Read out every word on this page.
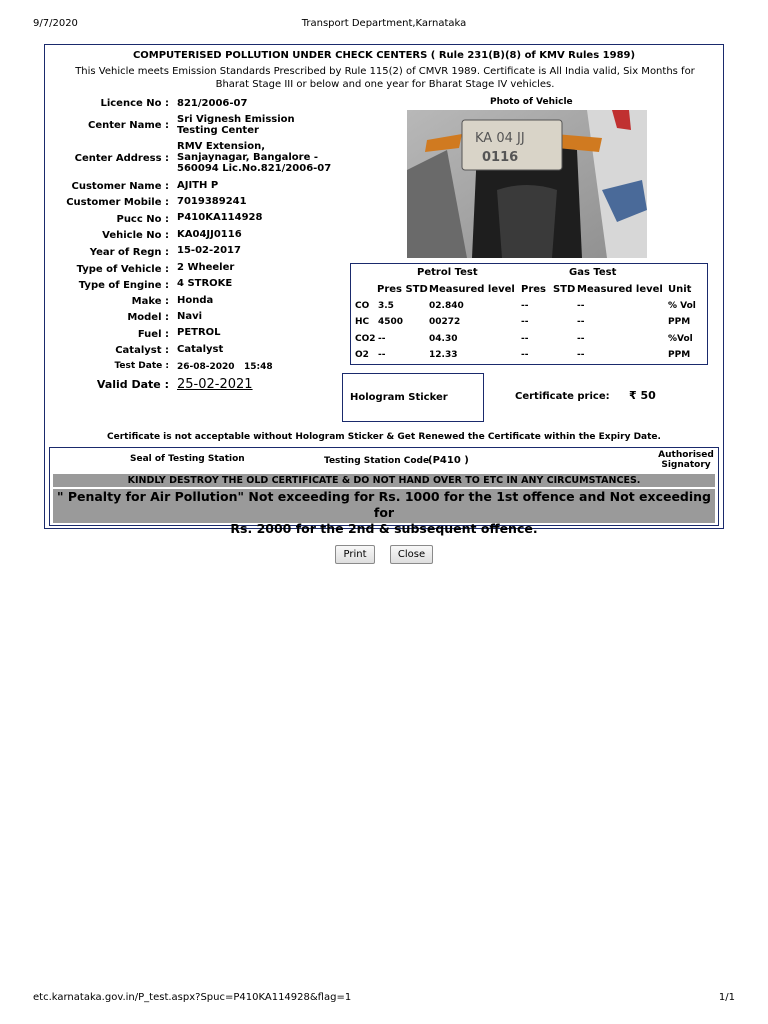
9/7/2020	Transport Department,Karnataka
COMPUTERISED POLLUTION UNDER CHECK CENTERS ( Rule 231(B)(8) of KMV Rules 1989)
This Vehicle meets Emission Standards Prescribed by Rule 115(2) of CMVR 1989. Certificate is All India valid, Six Months for
Bharat Stage III or below and one year for Bharat Stage IV vehicles.
Licence No : 821/2006-07
Center Name :
Sri Vignesh Emission
Testing Center
Center Address :
RMV Extension,
Sanjaynagar, Bangalore -
560094 Lic.No.821/2006-07
Customer Name : AJITH P
Customer Mobile : 7019389241
Pucc No : P410KA114928
Vehicle No : KA04JJ0116
Year of Regn : 15-02-2017
Type of Vehicle : 2 Wheeler
Type of Engine : 4 STROKE
Make : Honda
Model : Navi
Fuel : PETROL
Catalyst : Catalyst
Test Date : 26-08-2020   15:48
Valid Date : 25-02-2021
Photo of Vehicle
KA 04 JJ
0116
Petrol Test	Gas Test
Pres STD Measured level Pres  STD Measured level Unit
CO 3.5	02.840	--	--	% Vol
HC 4500	00272	--	--	PPM
CO2 --	04.30	--	--	%Vol
O2 --	12.33	--	--	PPM
Hologram Sticker	Certificate price: ₹ 50
Certificate is not acceptable without Hologram Sticker & Get Renewed the Certificate within the Expiry Date.
Seal of Testing Station	Testing Station Code
(P410 )	Authorised
Signatory
KINDLY DESTROY THE OLD CERTIFICATE & DO NOT HAND OVER TO ETC IN ANY CIRCUMSTANCES.
" Penalty for Air Pollution" Not exceeding for Rs. 1000 for the 1st offence and Not exceeding for
Rs. 2000 for the 2nd & subsequent offence.
Print	Close
etc.karnataka.gov.in/P_test.aspx?Spuc=P410KA114928&flag=1	1/1
